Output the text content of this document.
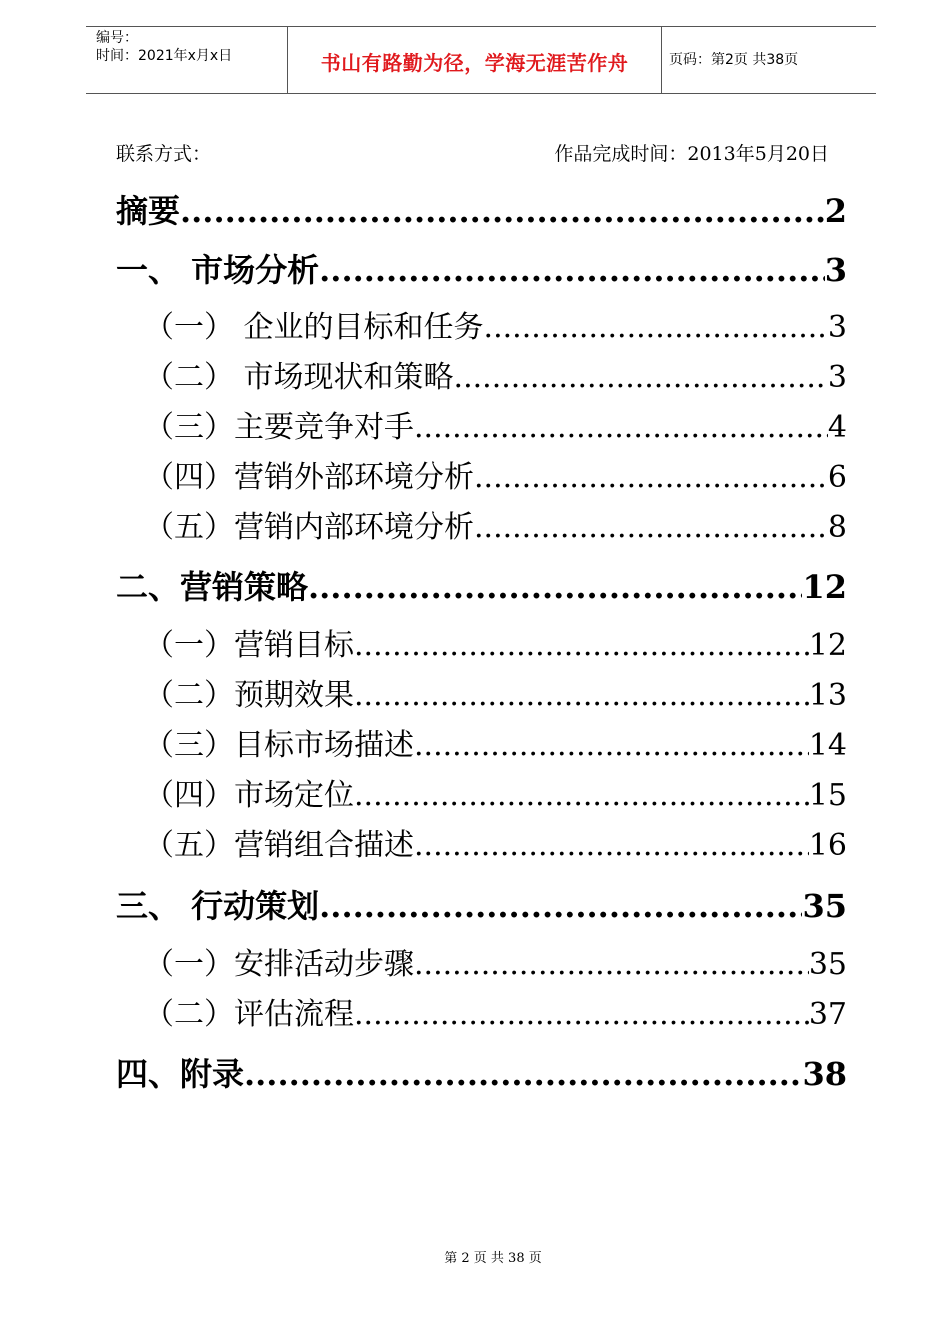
编号：
时间：2021年x月x日	书山有路勤为径，学海无涯苦作舟	页码：第2页 共38页
联系方式：	作品完成时间：2013年5月20日
摘要 .....	2
一、 市场分析 .....	3
（一） 企业的目标和任务 .....	3
（二） 市场现状和策略 .....	3
（三）主要竞争对手 .....	4
（四）营销外部环境分析 .....	6
（五）营销内部环境分析 .....	8
二、营销策略 .....	12
（一）营销目标 .....	12
（二）预期效果 .....	13
（三）目标市场描述 .....	14
（四）市场定位 .....	15
（五）营销组合描述 .....	16
三、 行动策划 .....	35
（一）安排活动步骤 .....	35
（二）评估流程 .....	37
四、附录 .....	38
第 2 页 共 38 页
